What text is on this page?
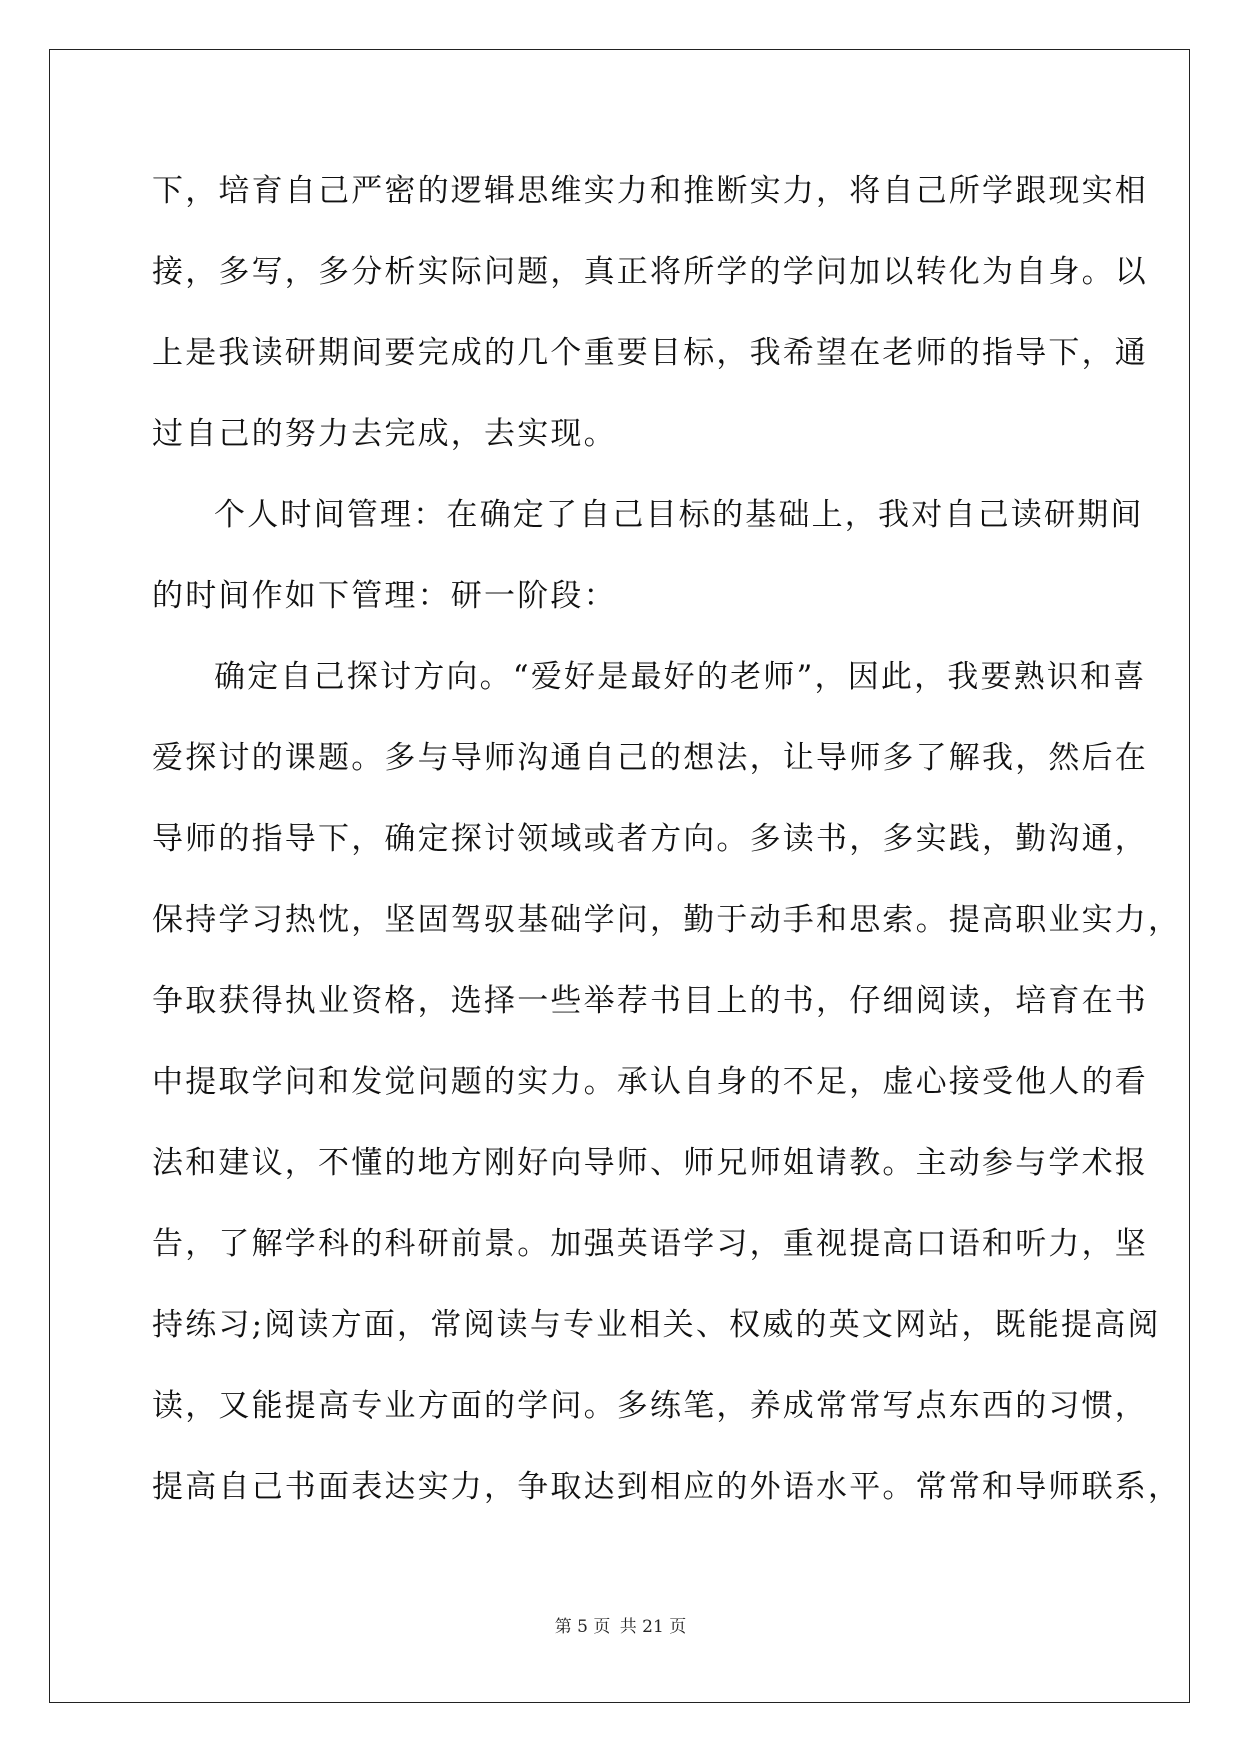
下，培育自己严密的逻辑思维实力和推断实力，将自己所学跟现实相
接，多写，多分析实际问题，真正将所学的学问加以转化为自身。以
上是我读研期间要完成的几个重要目标，我希望在老师的指导下，通
过自己的努力去完成，去实现。
个人时间管理：在确定了自己目标的基础上，我对自己读研期间
的时间作如下管理：研一阶段：
确定自己探讨方向。“爱好是最好的老师”，因此，我要熟识和喜
爱探讨的课题。多与导师沟通自己的想法，让导师多了解我，然后在
导师的指导下，确定探讨领域或者方向。多读书，多实践，勤沟通，
保持学习热忱，坚固驾驭基础学问，勤于动手和思索。提高职业实力，
争取获得执业资格，选择一些举荐书目上的书，仔细阅读，培育在书
中提取学问和发觉问题的实力。承认自身的不足，虚心接受他人的看
法和建议，不懂的地方刚好向导师、师兄师姐请教。主动参与学术报
告，了解学科的科研前景。加强英语学习，重视提高口语和听力，坚
持练习;阅读方面，常阅读与专业相关、权威的英文网站，既能提高阅
读，又能提高专业方面的学问。多练笔，养成常常写点东西的习惯，
提高自己书面表达实力，争取达到相应的外语水平。常常和导师联系，
第 5 页 共 21 页
